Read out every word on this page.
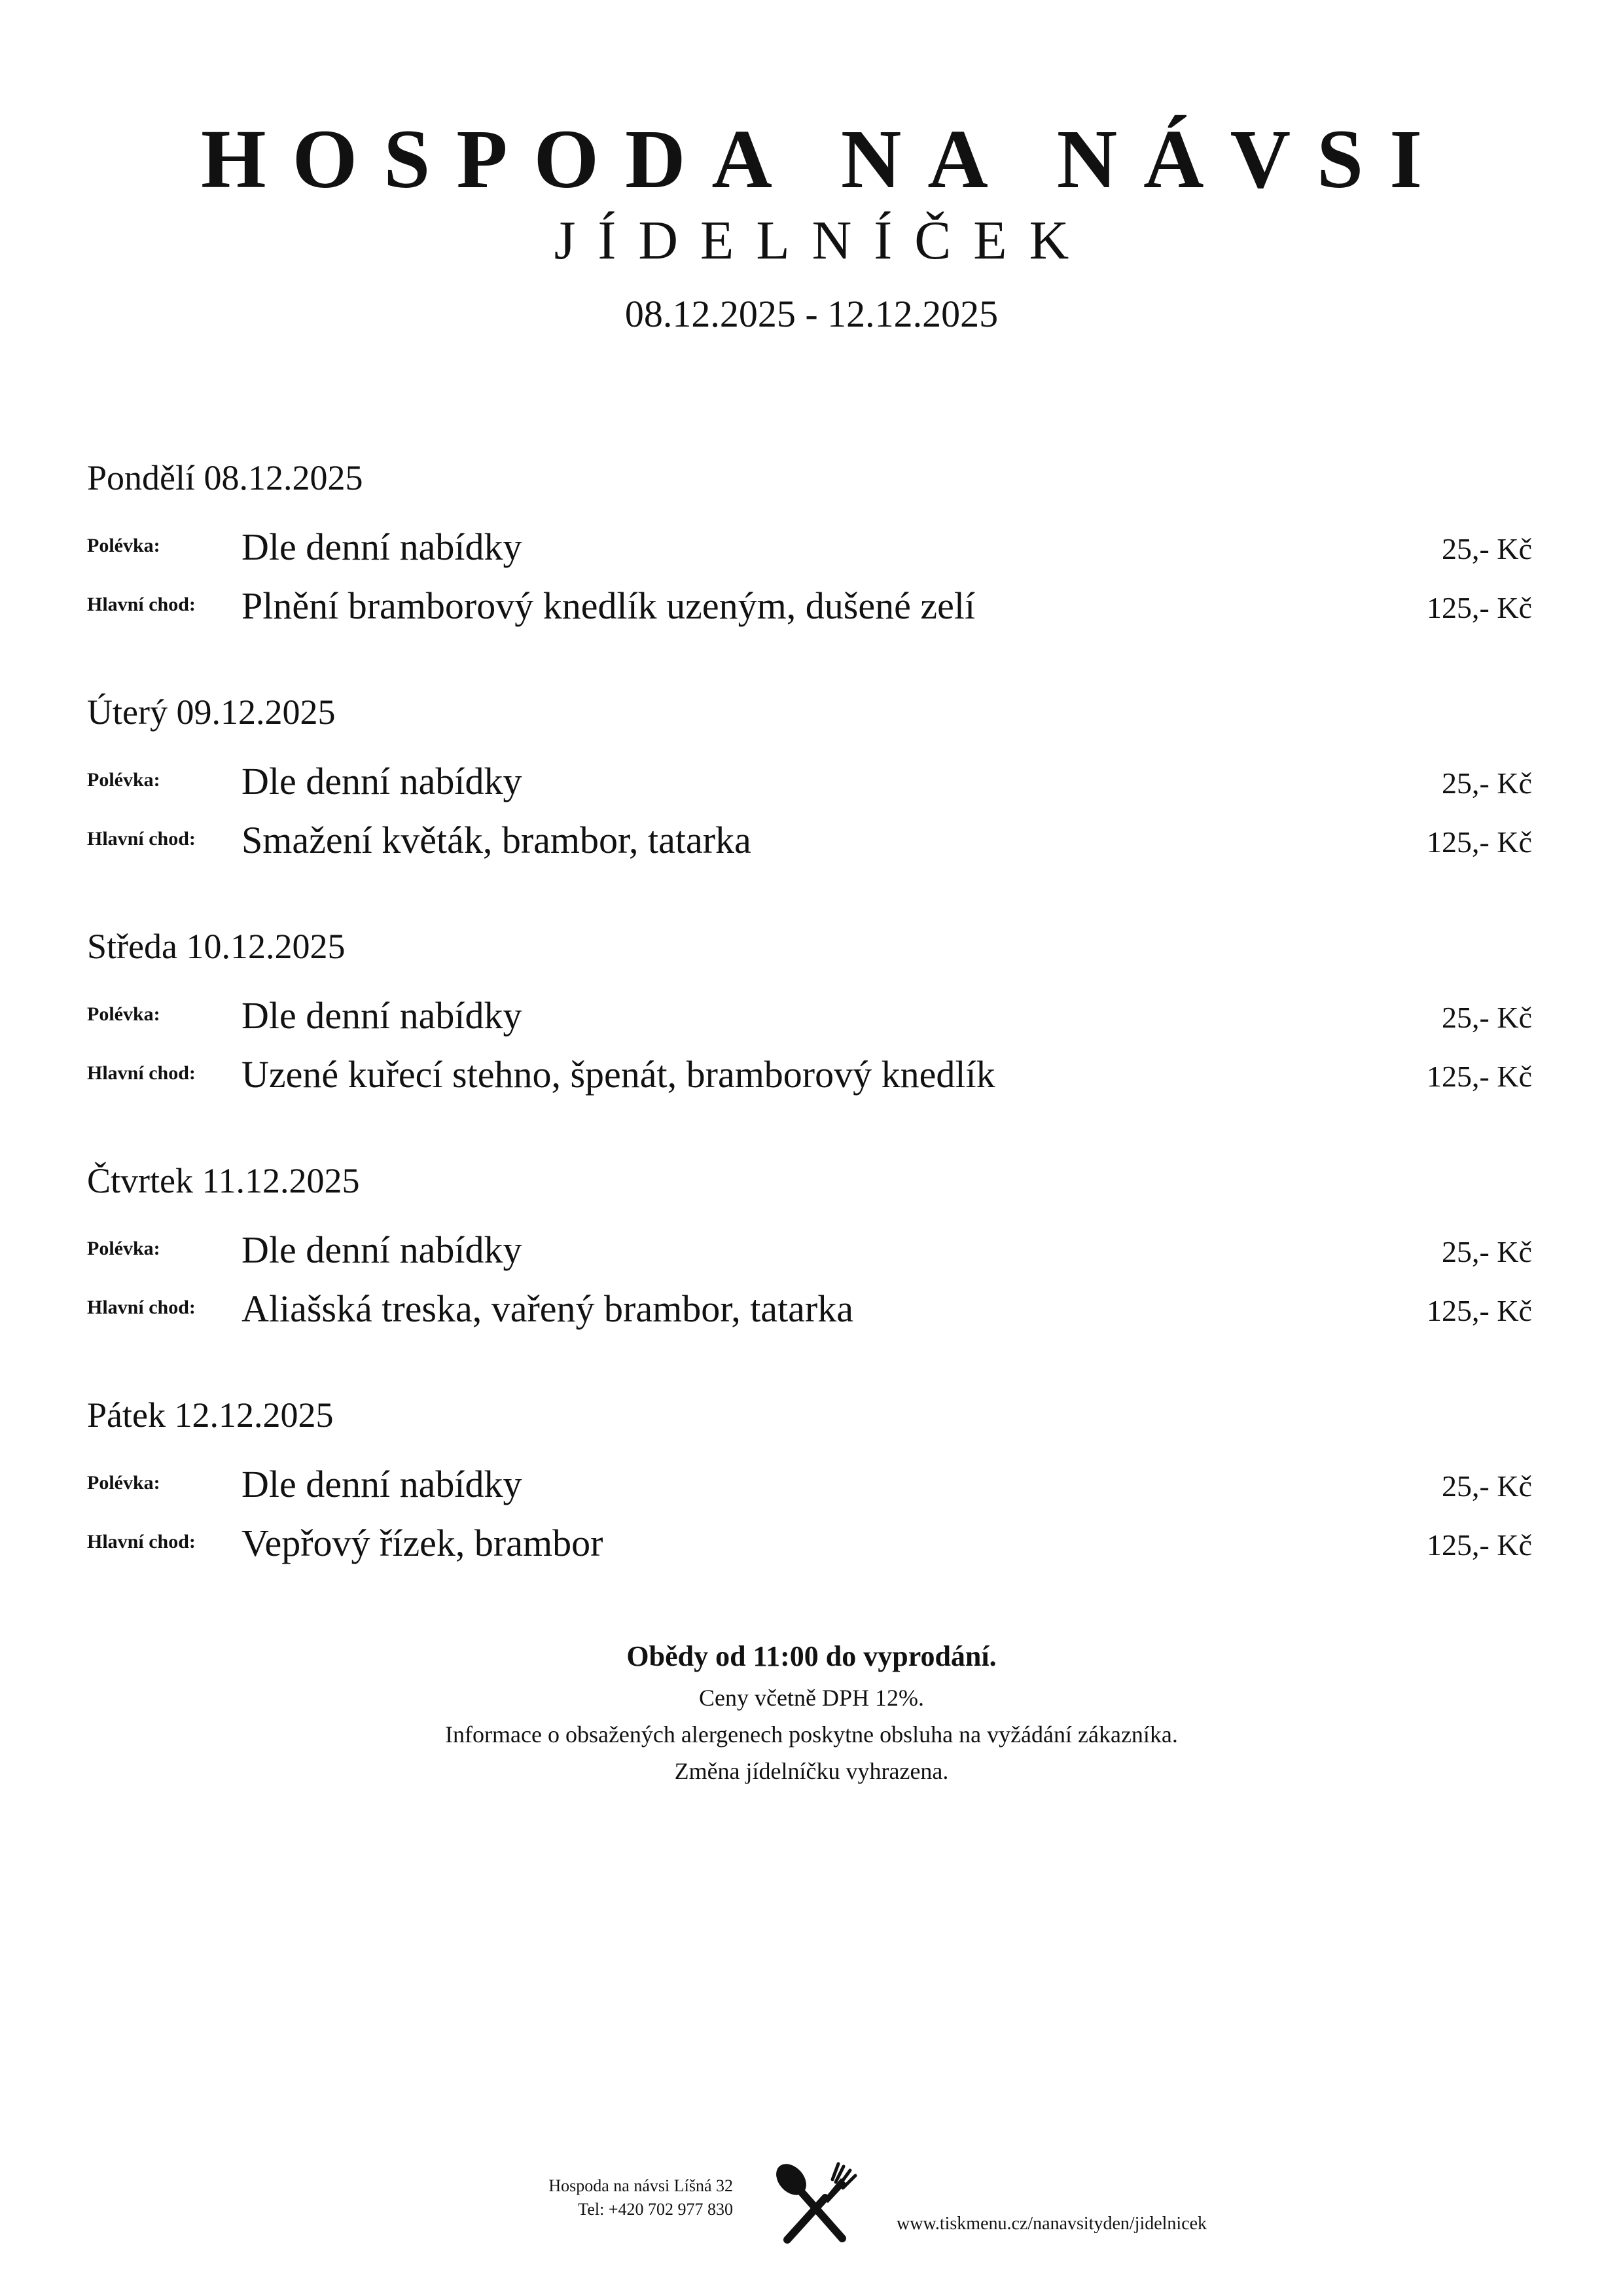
HOSPODA NA NÁVSI
JÍDELNÍČEK
08.12.2025 - 12.12.2025
Pondělí 08.12.2025
Polévka: Dle denní nabídky	25,- Kč
Hlavní chod: Plnění bramborový knedlík uzeným, dušené zelí	125,- Kč
Úterý 09.12.2025
Polévka: Dle denní nabídky	25,- Kč
Hlavní chod: Smažení květák, brambor, tatarka	125,- Kč
Středa 10.12.2025
Polévka: Dle denní nabídky	25,- Kč
Hlavní chod: Uzené kuřecí stehno, špenát, bramborový knedlík	125,- Kč
Čtvrtek 11.12.2025
Polévka: Dle denní nabídky	25,- Kč
Hlavní chod: Aliašská treska, vařený brambor, tatarka	125,- Kč
Pátek 12.12.2025
Polévka: Dle denní nabídky	25,- Kč
Hlavní chod: Vepřový řízek, brambor	125,- Kč
Obědy od 11:00 do vyprodání.
Ceny včetně DPH 12%.
Informace o obsažených alergenech poskytne obsluha na vyžádání zákazníka.
Změna jídelníčku vyhrazena.
Hospoda na návsi Líšná 32
Tel: +420 702 977 830
www.tiskmenu.cz/nanavsityden/jidelnicek
